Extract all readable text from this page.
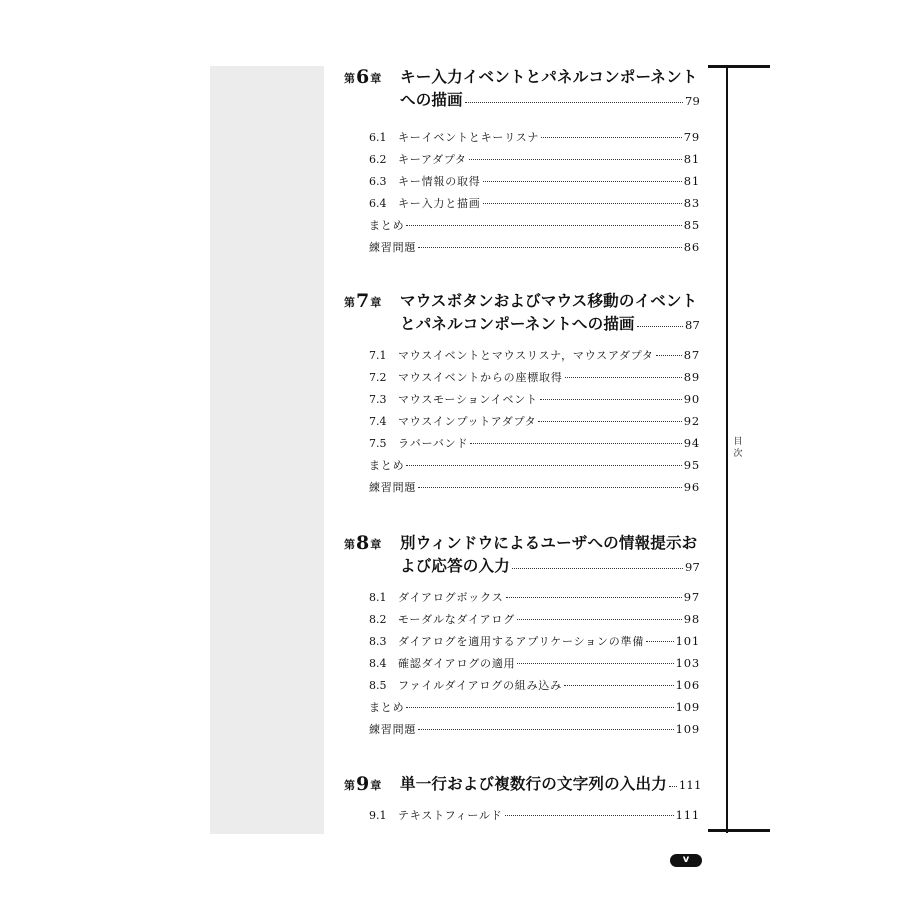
目
次
第6章	キー入力イベントとパネルコンポーネント
への描画	79
6.1	キーイベントとキーリスナ	79
6.2	キーアダプタ	81
6.3	キー情報の取得	81
6.4	キー入力と描画	83
まとめ	85
練習問題	86
第7章	マウスボタンおよびマウス移動のイベント
とパネルコンポーネントへの描画	87
7.1	マウスイベントとマウスリスナ，マウスアダプタ	87
7.2	マウスイベントからの座標取得	89
7.3	マウスモーションイベント	90
7.4	マウスインプットアダプタ	92
7.5	ラバーバンド	94
まとめ	95
練習問題	96
第8章	別ウィンドウによるユーザへの情報提示お
よび応答の入力	97
8.1	ダイアログボックス	97
8.2	モーダルなダイアログ	98
8.3	ダイアログを適用するアプリケーションの準備	101
8.4	確認ダイアログの適用	103
8.5	ファイルダイアログの組み込み	106
まとめ	109
練習問題	109
第9章	単一行および複数行の文字列の入出力 111
9.1	テキストフィールド	111
v
